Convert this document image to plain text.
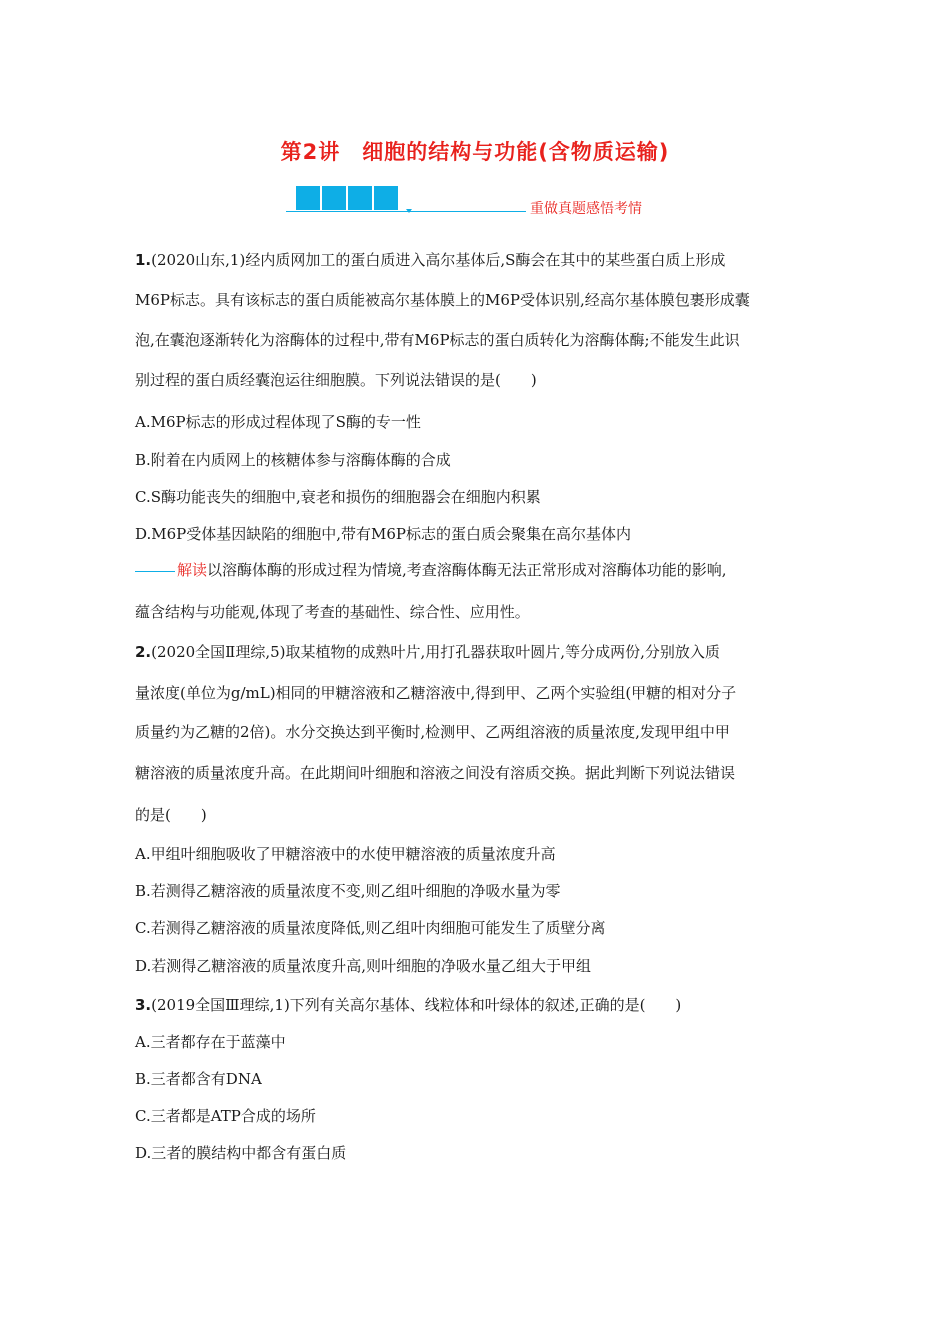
第2讲　细胞的结构与功能(含物质运输)
重做真题感悟考情
1.(2020山东,1)经内质网加工的蛋白质进入高尔基体后,S酶会在其中的某些蛋白质上形成
M6P标志。具有该标志的蛋白质能被高尔基体膜上的M6P受体识别,经高尔基体膜包裹形成囊
泡,在囊泡逐渐转化为溶酶体的过程中,带有M6P标志的蛋白质转化为溶酶体酶;不能发生此识
别过程的蛋白质经囊泡运往细胞膜。下列说法错误的是(　　)
A.M6P标志的形成过程体现了S酶的专一性
B.附着在内质网上的核糖体参与溶酶体酶的合成
C.S酶功能丧失的细胞中,衰老和损伤的细胞器会在细胞内积累
D.M6P受体基因缺陷的细胞中,带有M6P标志的蛋白质会聚集在高尔基体内
解读以溶酶体酶的形成过程为情境,考查溶酶体酶无法正常形成对溶酶体功能的影响,
蕴含结构与功能观,体现了考查的基础性、综合性、应用性。
2.(2020全国Ⅱ理综,5)取某植物的成熟叶片,用打孔器获取叶圆片,等分成两份,分别放入质
量浓度(单位为g/mL)相同的甲糖溶液和乙糖溶液中,得到甲、乙两个实验组(甲糖的相对分子
质量约为乙糖的2倍)。水分交换达到平衡时,检测甲、乙两组溶液的质量浓度,发现甲组中甲
糖溶液的质量浓度升高。在此期间叶细胞和溶液之间没有溶质交换。据此判断下列说法错误
的是(　　)
A.甲组叶细胞吸收了甲糖溶液中的水使甲糖溶液的质量浓度升高
B.若测得乙糖溶液的质量浓度不变,则乙组叶细胞的净吸水量为零
C.若测得乙糖溶液的质量浓度降低,则乙组叶肉细胞可能发生了质壁分离
D.若测得乙糖溶液的质量浓度升高,则叶细胞的净吸水量乙组大于甲组
3.(2019全国Ⅲ理综,1)下列有关高尔基体、线粒体和叶绿体的叙述,正确的是(　　)
A.三者都存在于蓝藻中
B.三者都含有DNA
C.三者都是ATP合成的场所
D.三者的膜结构中都含有蛋白质
